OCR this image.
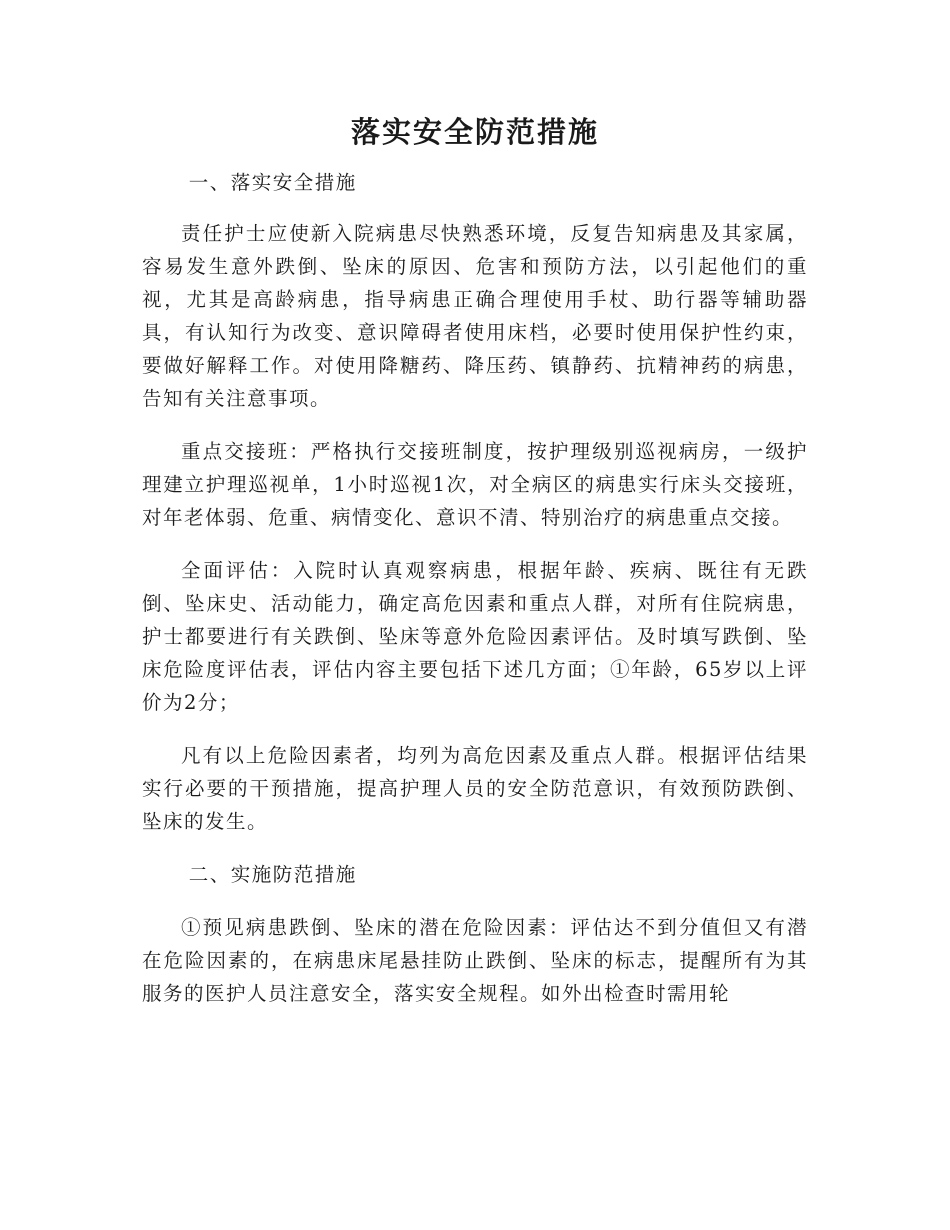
落实安全防范措施

一、落实安全措施

责任护士应使新入院病患尽快熟悉环境，反复告知病患及其家属，容易发生意外跌倒、坠床的原因、危害和预防方法，以引起他们的重视，尤其是高龄病患，指导病患正确合理使用手杖、助行器等辅助器具，有认知行为改变、意识障碍者使用床档，必要时使用保护性约束，要做好解释工作。对使用降糖药、降压药、镇静药、抗精神药的病患，告知有关注意事项。

重点交接班：严格执行交接班制度，按护理级别巡视病房，一级护理建立护理巡视单，1小时巡视1次，对全病区的病患实行床头交接班，对年老体弱、危重、病情变化、意识不清、特别治疗的病患重点交接。

全面评估：入院时认真观察病患，根据年龄、疾病、既往有无跌倒、坠床史、活动能力，确定高危因素和重点人群，对所有住院病患，护士都要进行有关跌倒、坠床等意外危险因素评估。及时填写跌倒、坠床危险度评估表，评估内容主要包括下述几方面；①年龄，65岁以上评价为2分；

凡有以上危险因素者，均列为高危因素及重点人群。根据评估结果实行必要的干预措施，提高护理人员的安全防范意识，有效预防跌倒、坠床的发生。

二、实施防范措施

①预见病患跌倒、坠床的潜在危险因素：评估达不到分值但又有潜在危险因素的，在病患床尾悬挂防止跌倒、坠床的标志，提醒所有为其服务的医护人员注意安全，落实安全规程。如外出检查时需用轮
